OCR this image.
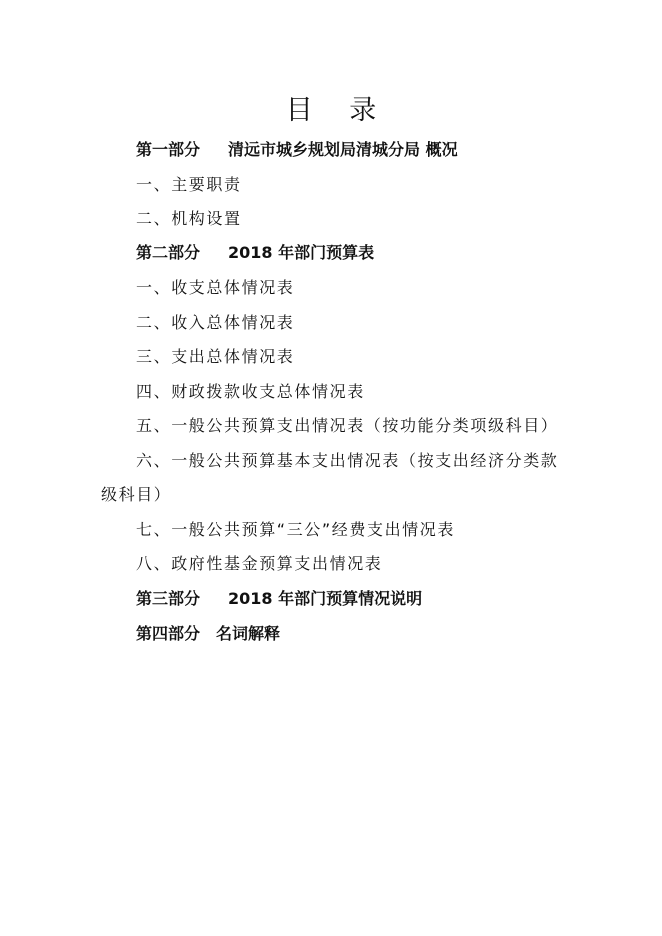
目 录
第一部分 清远市城乡规划局清城分局 概况
一、主要职责
二、机构设置
第二部分 2018 年部门预算表
一、收支总体情况表
二、收入总体情况表
三、支出总体情况表
四、财政拨款收支总体情况表
五、一般公共预算支出情况表（按功能分类项级科目）
六、一般公共预算基本支出情况表（按支出经济分类款
级科目）
七、一般公共预算“三公”经费支出情况表
八、政府性基金预算支出情况表
第三部分 2018 年部门预算情况说明
第四部分 名词解释
